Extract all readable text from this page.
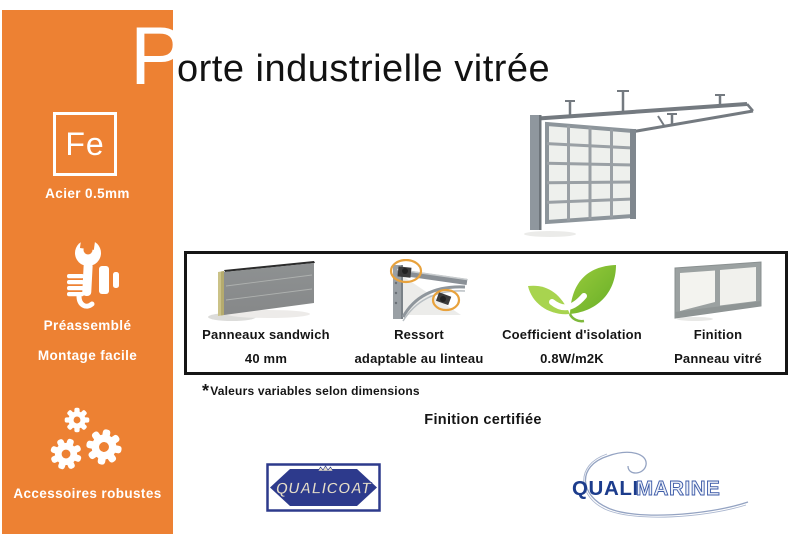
Fe
Acier 0.5mm
Préassemblé
Montage facile
Accessoires robustes
P
orte industrielle vitrée
Panneaux sandwich
40 mm
Ressort
adaptable au linteau
Coefficient d'isolation
0.8W/m2K
Finition
Panneau vitré
*Valeurs variables selon dimensions
Finition certifiée
QUALICOAT	QUALI
MARINE
